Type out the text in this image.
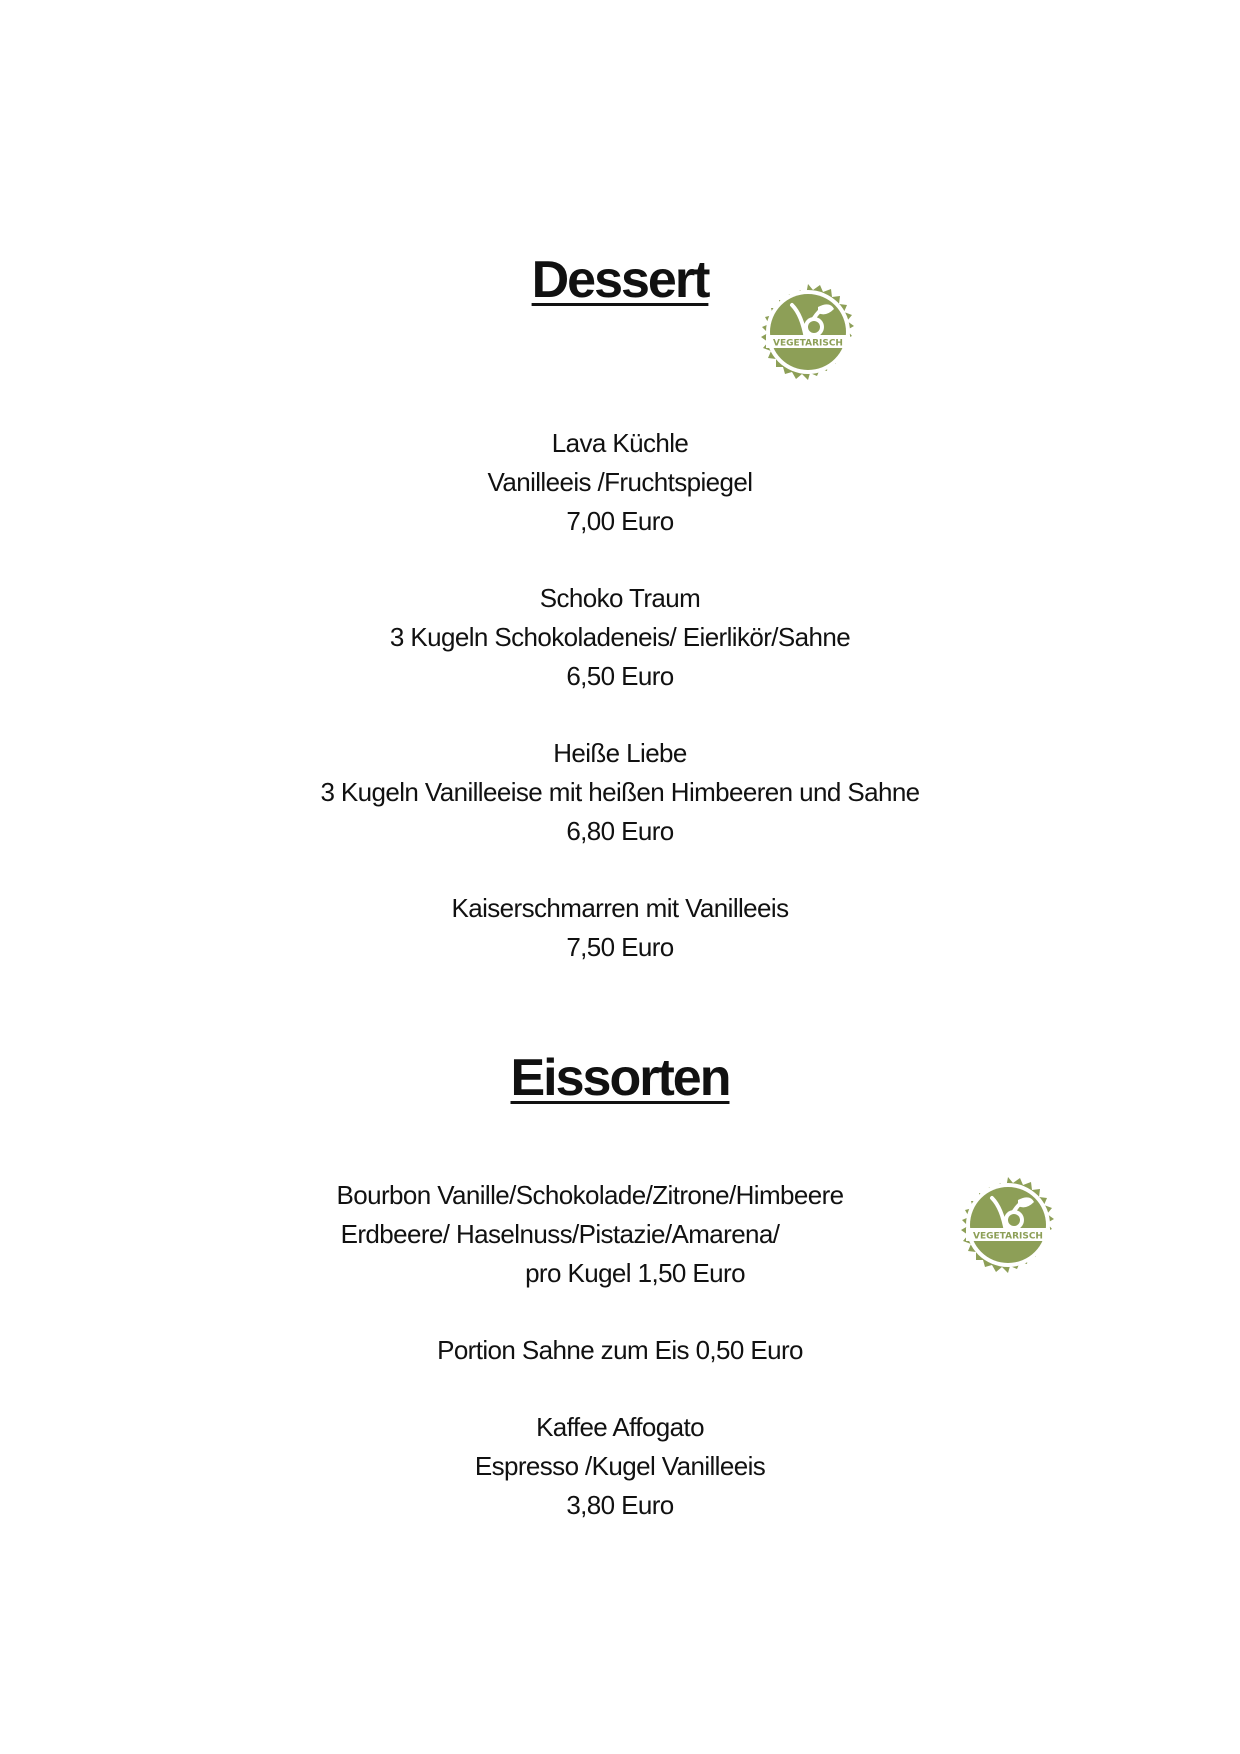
Dessert
VEGETARISCH
Lava Küchle
Vanilleeis /Fruchtspiegel
7,00 Euro
Schoko Traum
3 Kugeln Schokoladeneis/ Eierlikör/Sahne
6,50 Euro
Heiße Liebe
3 Kugeln Vanilleeise mit heißen Himbeeren und Sahne
6,80 Euro
Kaiserschmarren mit Vanilleeis
7,50 Euro
Eissorten
Bourbon Vanille/Schokolade/Zitrone/Himbeere
Erdbeere/ Haselnuss/Pistazie/Amarena/
pro Kugel 1,50 Euro
VEGETARISCH
Portion Sahne zum Eis 0,50 Euro
Kaffee Affogato
Espresso /Kugel Vanilleeis
3,80 Euro
